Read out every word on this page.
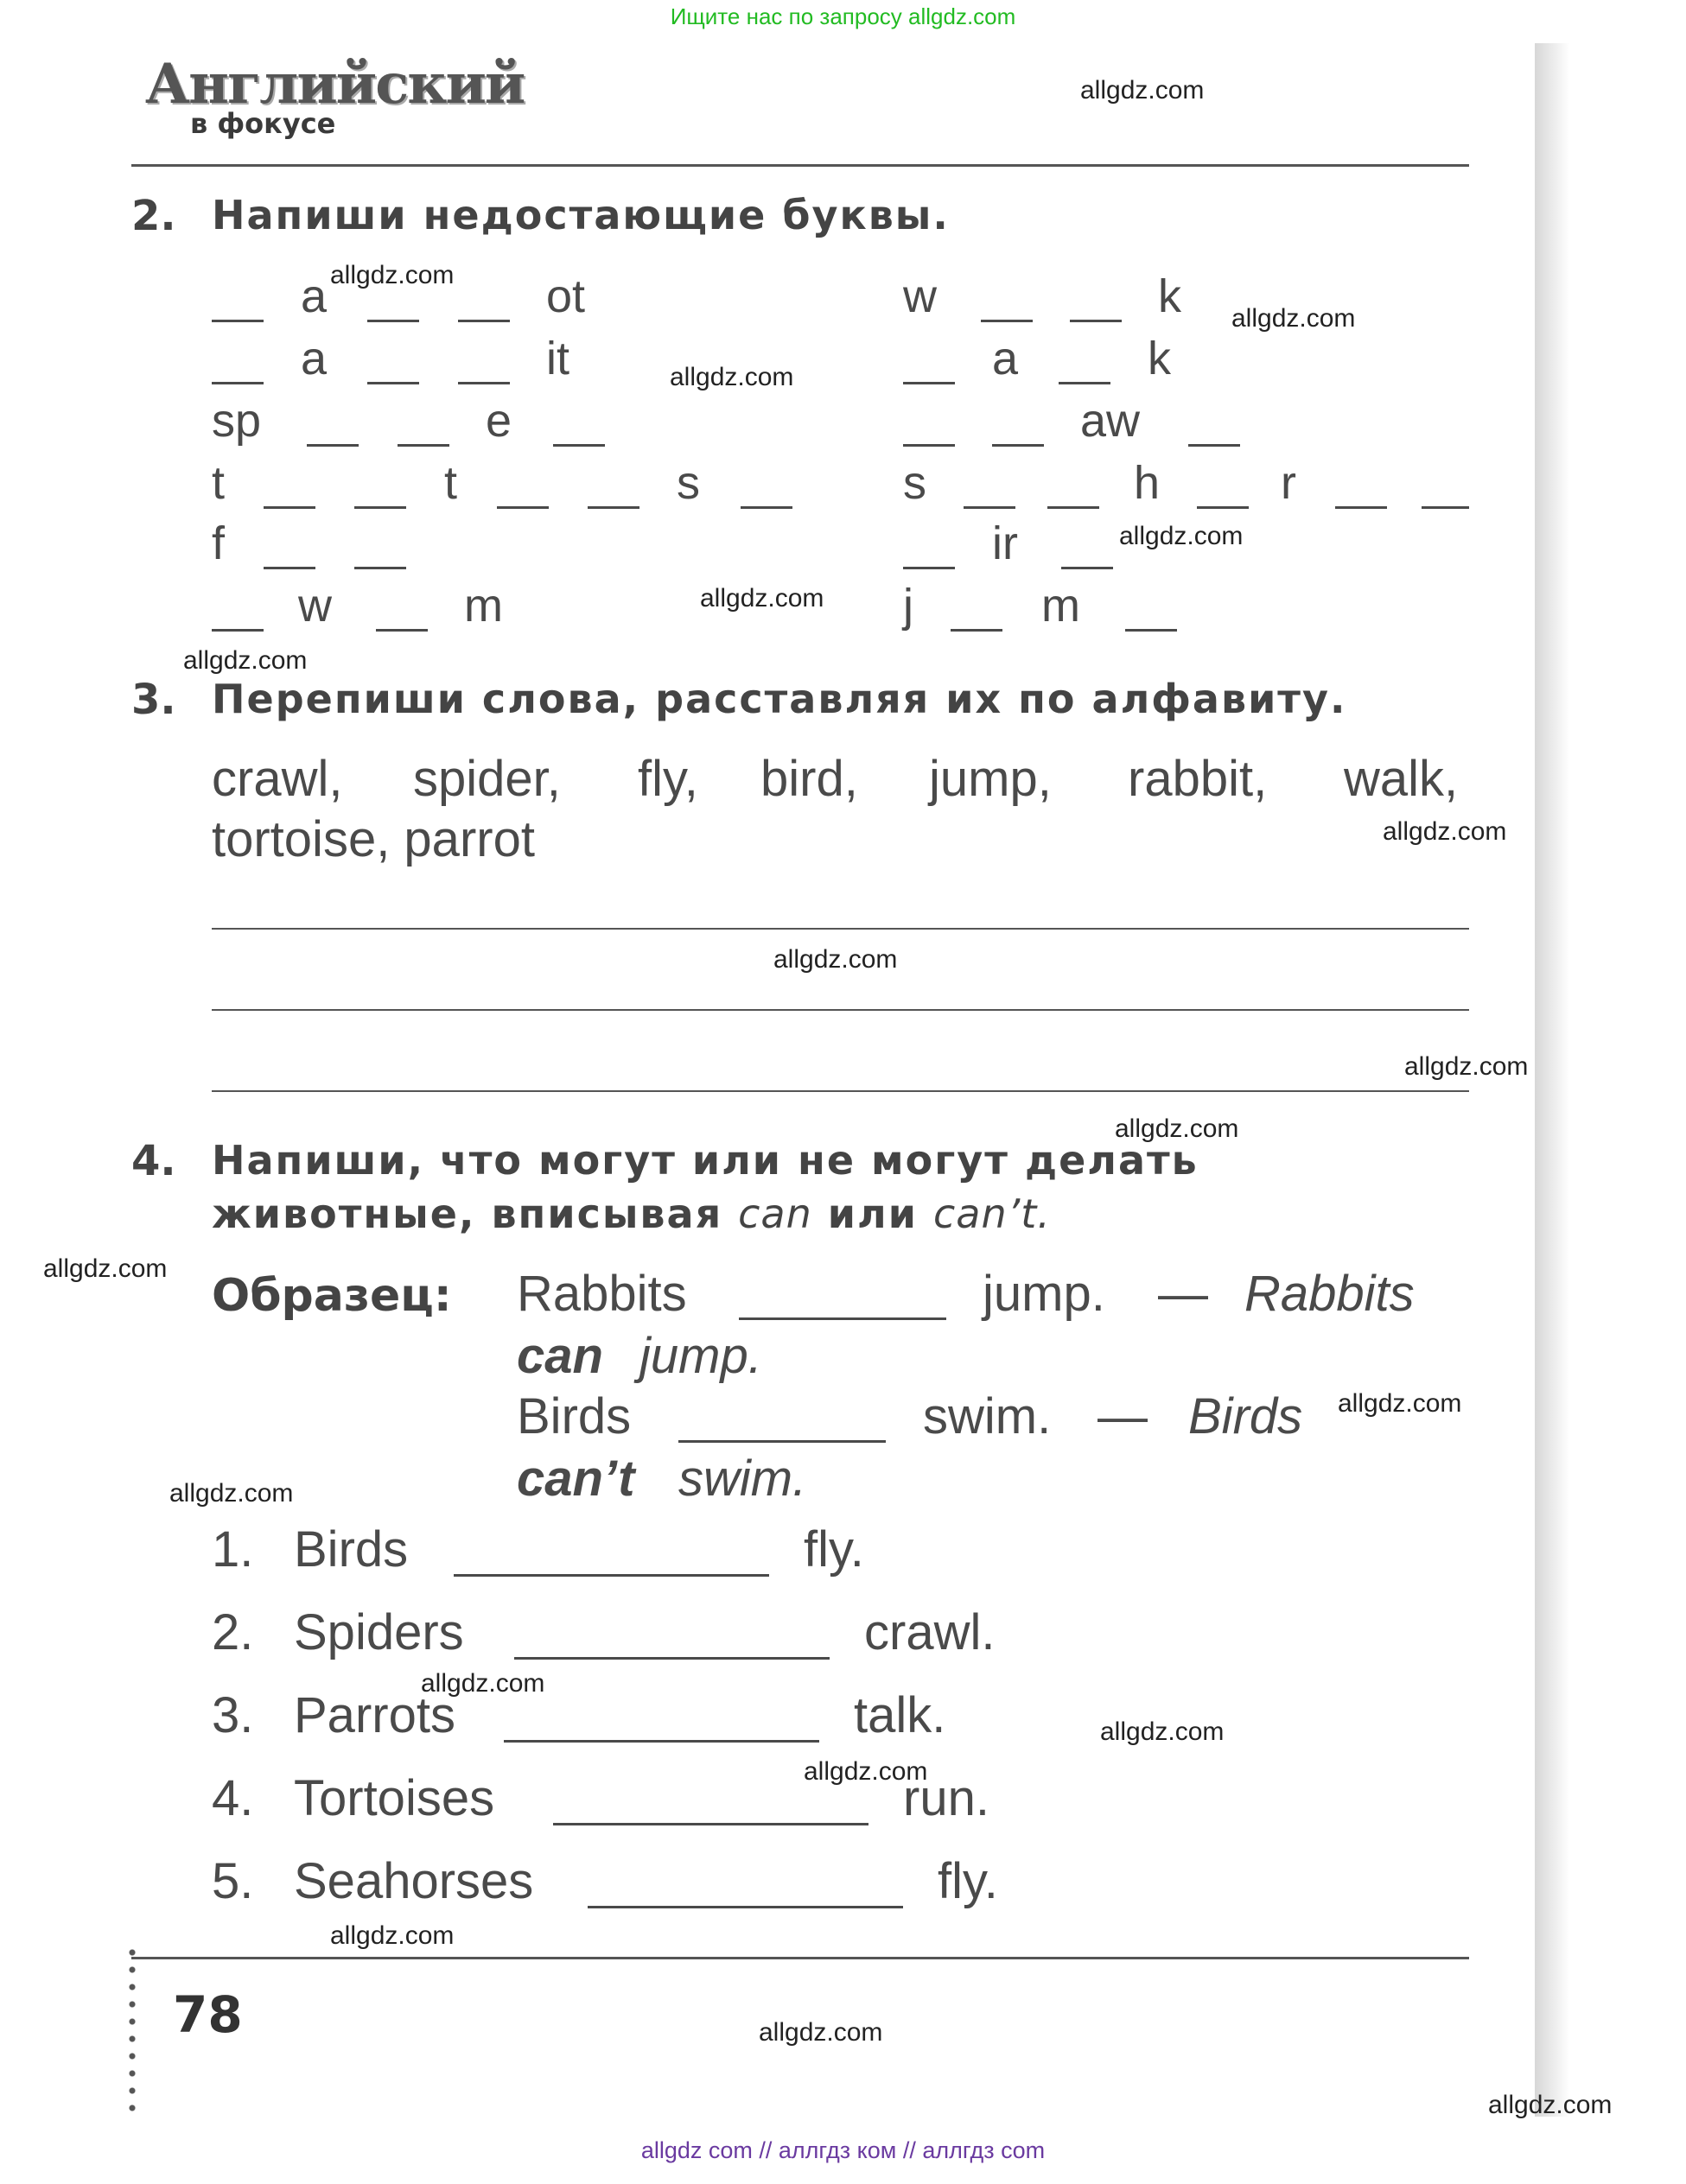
Ищите нас по запросу allgdz.com
Английский
в фокусе
2. Напиши недостающие буквы.
a	ot
a	it
sp	e
t	t	s
f
w	m
w	k
a	k
aw
s	h	r
ir
j	m
3. Перепиши слова, расставляя их по алфавиту.
crawl, spider, fly, bird, jump, rabbit, walk,
tortoise, parrot
4. Напиши, что могут или не могут делать
животные, вписывая can или can’t.
Образец: Rabbits	jump. — Rabbits
can jump.
Birds	swim. — Birds
can’t swim.
1. Birds	fly.
2. Spiders	crawl.
3. Parrots	talk.
4. Tortoises	run.
5. Seahorses	fly.
78
allgdz.com
allgdz.com
allgdz.com
allgdz.com
allgdz.com
allgdz.com
allgdz.com
allgdz.com
allgdz.com
allgdz.com
allgdz.com
allgdz.com
allgdz.com
allgdz.com
allgdz.com
allgdz.com
allgdz.com
allgdz.com
allgdz.com
allgdz.com
allgdz com // аллгдз ком // аллгдз com
